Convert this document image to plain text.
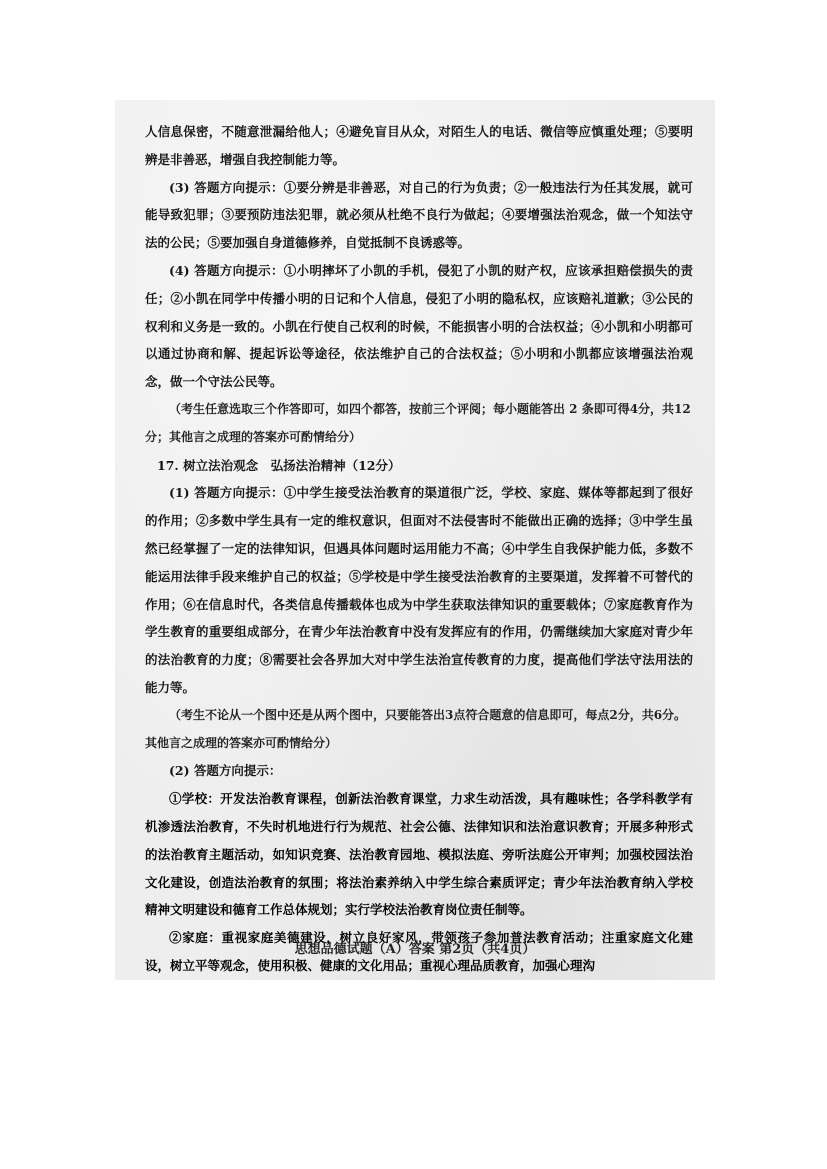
人信息保密，不随意泄漏给他人；④避免盲目从众，对陌生人的电话、微信等应慎重处理；⑤要明辨是非善恶，增强自我控制能力等。

(3) 答题方向提示：①要分辨是非善恶，对自己的行为负责；②一般违法行为任其发展，就可能导致犯罪；③要预防违法犯罪，就必须从杜绝不良行为做起；④要增强法治观念，做一个知法守法的公民；⑤要加强自身道德修养，自觉抵制不良诱惑等。

(4) 答题方向提示：①小明摔坏了小凯的手机，侵犯了小凯的财产权，应该承担赔偿损失的责任；②小凯在同学中传播小明的日记和个人信息，侵犯了小明的隐私权，应该赔礼道歉；③公民的权利和义务是一致的。小凯在行使自己权利的时候，不能损害小明的合法权益；④小凯和小明都可以通过协商和解、提起诉讼等途径，依法维护自己的合法权益；⑤小明和小凯都应该增强法治观念，做一个守法公民等。

（考生任意选取三个作答即可，如四个都答，按前三个评阅；每小题能答出 2 条即可得4分，共12分；其他言之成理的答案亦可酌情给分）

17. 树立法治观念　弘扬法治精神（12分）

(1) 答题方向提示：①中学生接受法治教育的渠道很广泛，学校、家庭、媒体等都起到了很好的作用；②多数中学生具有一定的维权意识，但面对不法侵害时不能做出正确的选择；③中学生虽然已经掌握了一定的法律知识，但遇具体问题时运用能力不高；④中学生自我保护能力低，多数不能运用法律手段来维护自己的权益；⑤学校是中学生接受法治教育的主要渠道，发挥着不可替代的作用；⑥在信息时代，各类信息传播载体也成为中学生获取法律知识的重要载体；⑦家庭教育作为学生教育的重要组成部分，在青少年法治教育中没有发挥应有的作用，仍需继续加大家庭对青少年的法治教育的力度；⑧需要社会各界加大对中学生法治宣传教育的力度，提高他们学法守法用法的能力等。

（考生不论从一个图中还是从两个图中，只要能答出3点符合题意的信息即可，每点2分，共6分。其他言之成理的答案亦可酌情给分）

(2) 答题方向提示：

①学校：开发法治教育课程，创新法治教育课堂，力求生动活泼，具有趣味性；各学科教学有机渗透法治教育，不失时机地进行行为规范、社会公德、法律知识和法治意识教育；开展多种形式的法治教育主题活动，如知识竞赛、法治教育园地、模拟法庭、旁听法庭公开审判；加强校园法治文化建设，创造法治教育的氛围；将法治素养纳入中学生综合素质评定；青少年法治教育纳入学校精神文明建设和德育工作总体规划；实行学校法治教育岗位责任制等。

②家庭：重视家庭美德建设，树立良好家风，带领孩子参加普法教育活动；注重家庭文化建设，树立平等观念，使用积极、健康的文化用品；重视心理品质教育，加强心理沟

思想品德试题（A）答案 第2页（共4页）
